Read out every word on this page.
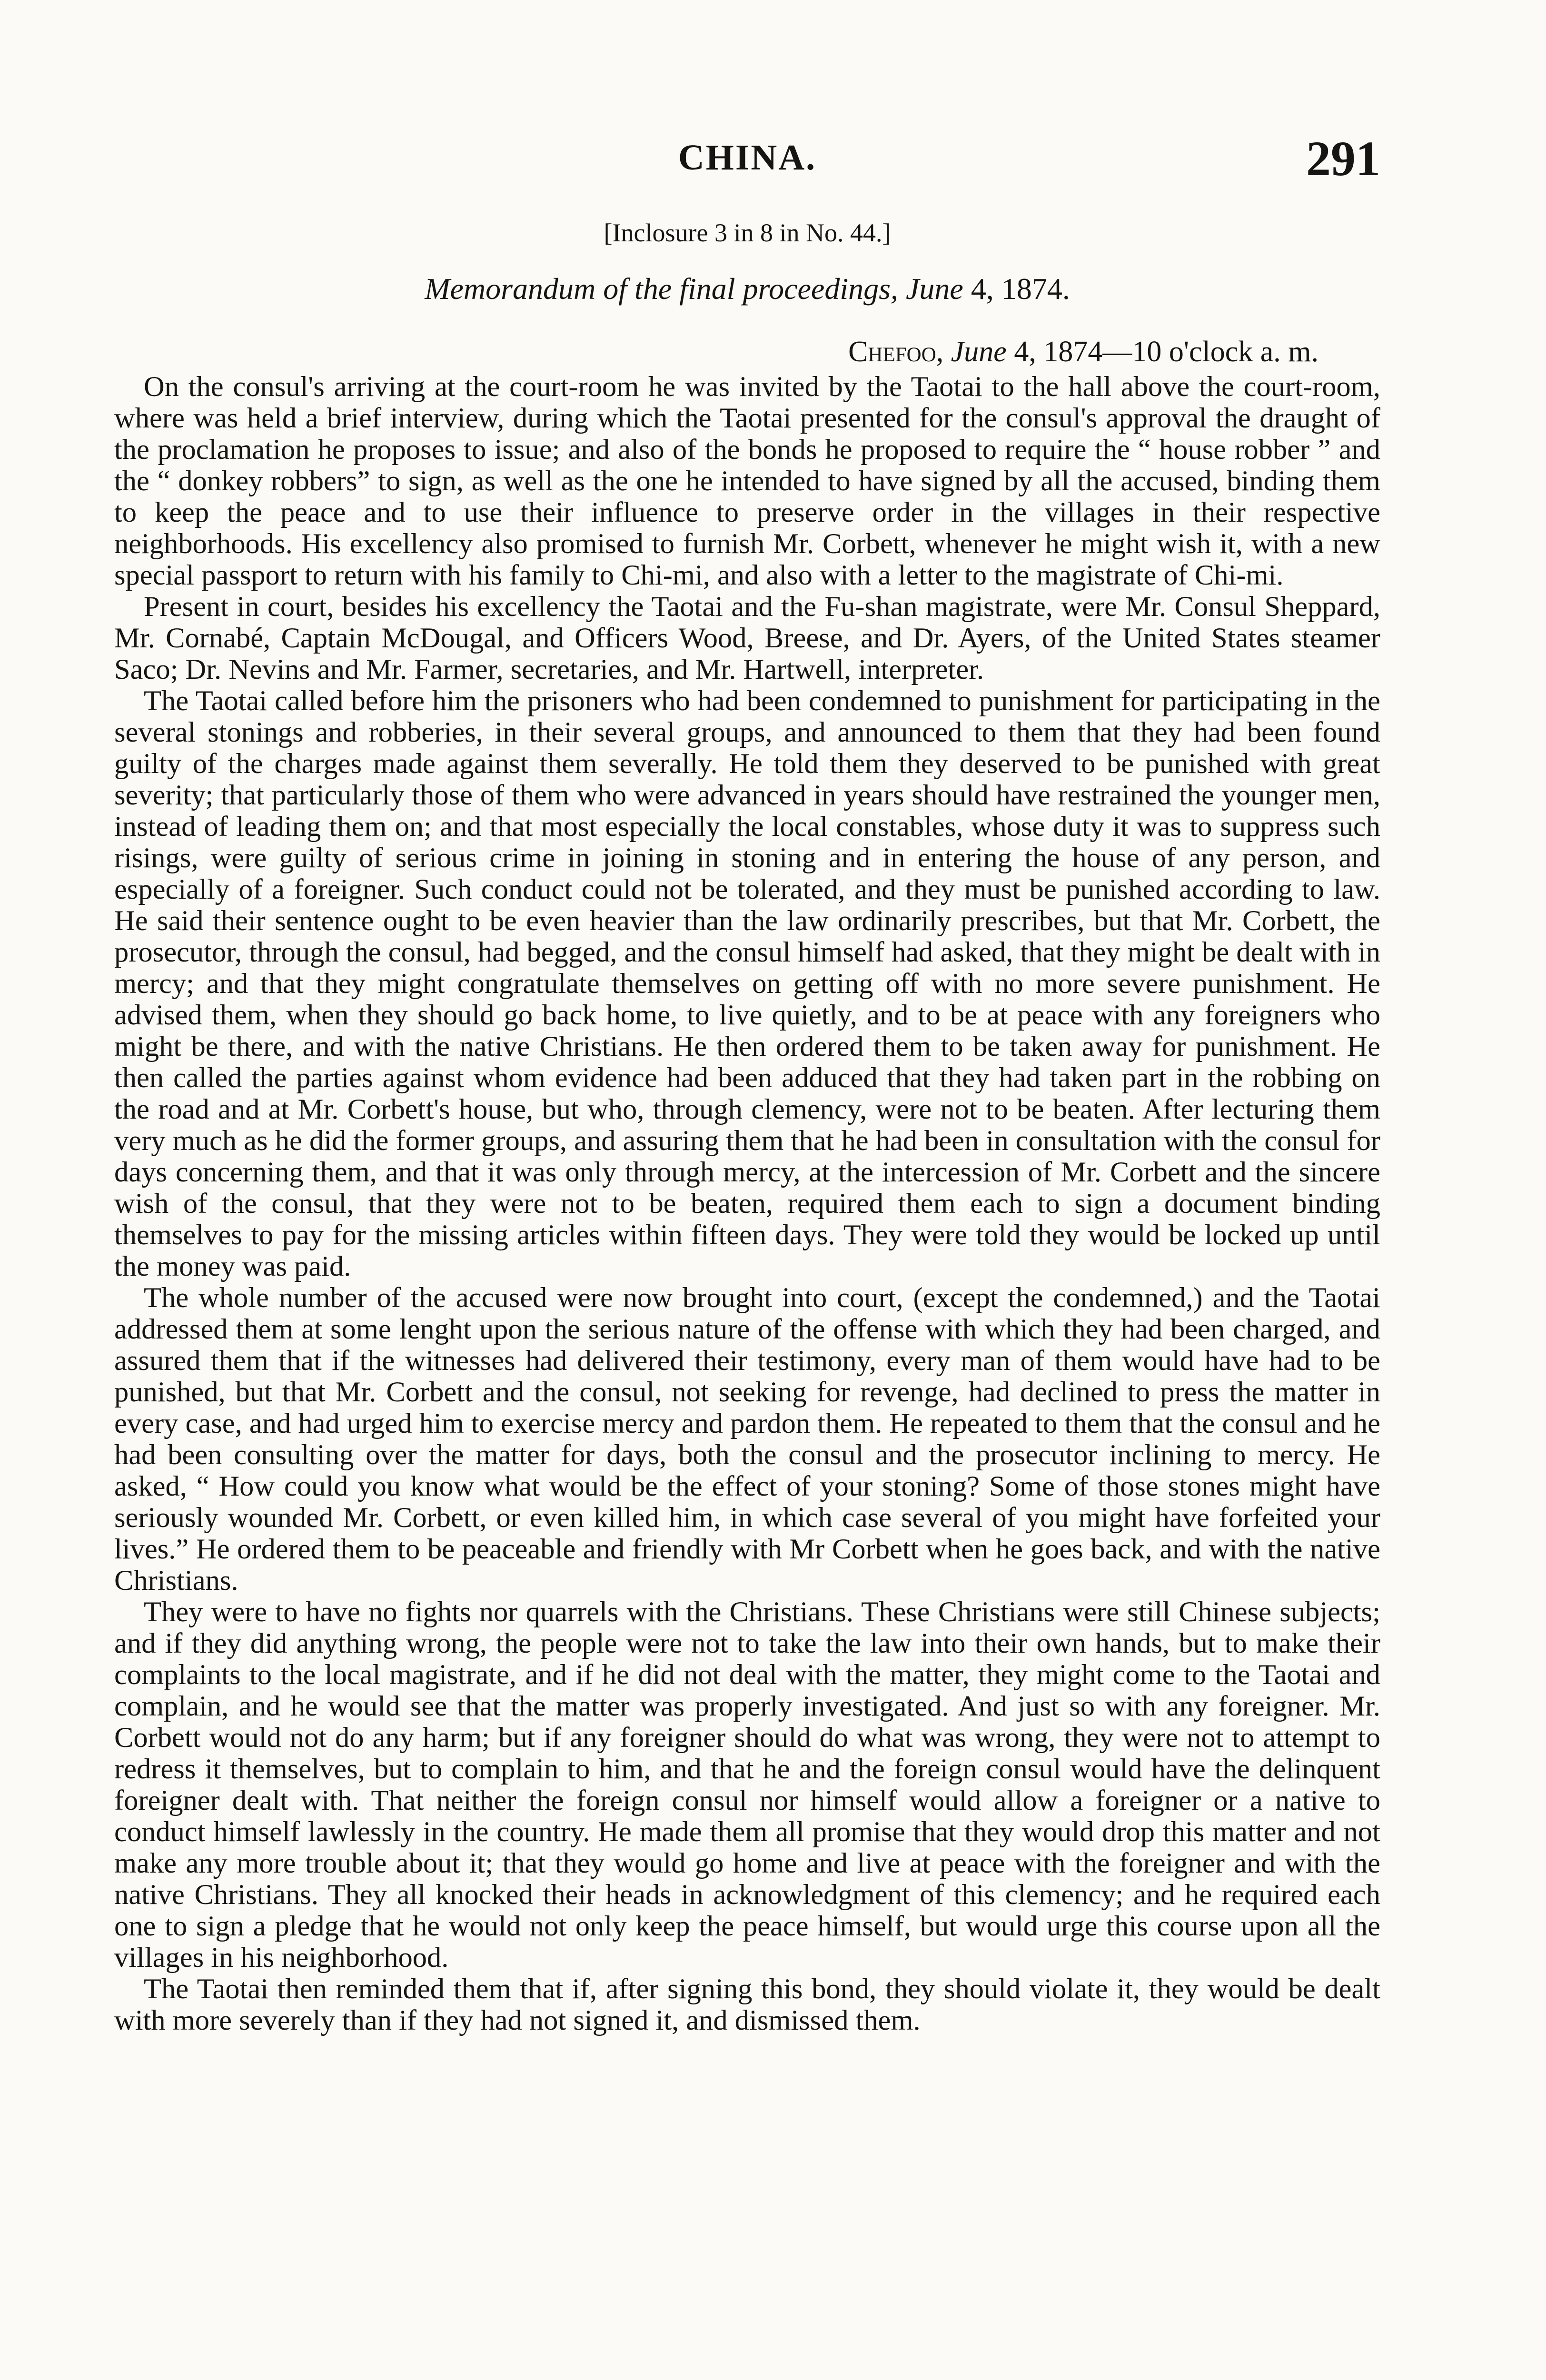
CHINA.	291
[Inclosure 3 in 8 in No. 44.]
Memorandum of the final proceedings, June 4, 1874.
Chefoo, June 4, 1874—10 o'clock a. m.

On the consul's arriving at the court-room he was invited by the Taotai to the hall above the court-room, where was held a brief interview, during which the Taotai presented for the consul's approval the draught of the proclamation he proposes to issue; and also of the bonds he proposed to require the “ house robber ” and the “ donkey robbers” to sign, as well as the one he intended to have signed by all the accused, binding them to keep the peace and to use their influence to preserve order in the villages in their respective neighborhoods. His excellency also promised to furnish Mr. Corbett, whenever he might wish it, with a new special passport to return with his family to Chi-mi, and also with a letter to the magistrate of Chi-mi.

Present in court, besides his excellency the Taotai and the Fu-shan magistrate, were Mr. Consul Sheppard, Mr. Cornabé, Captain McDougal, and Officers Wood, Breese, and Dr. Ayers, of the United States steamer Saco; Dr. Nevins and Mr. Farmer, secretaries, and Mr. Hartwell, interpreter.

The Taotai called before him the prisoners who had been condemned to punishment for participating in the several stonings and robberies, in their several groups, and announced to them that they had been found guilty of the charges made against them severally. He told them they deserved to be punished with great severity; that particularly those of them who were advanced in years should have restrained the younger men, instead of leading them on; and that most especially the local constables, whose duty it was to suppress such risings, were guilty of serious crime in joining in stoning and in entering the house of any person, and especially of a foreigner. Such conduct could not be tolerated, and they must be punished according to law. He said their sentence ought to be even heavier than the law ordinarily prescribes, but that Mr. Corbett, the prosecutor, through the consul, had begged, and the consul himself had asked, that they might be dealt with in mercy; and that they might congratulate themselves on getting off with no more severe punishment. He advised them, when they should go back home, to live quietly, and to be at peace with any foreigners who might be there, and with the native Christians. He then ordered them to be taken away for punishment. He then called the parties against whom evidence had been adduced that they had taken part in the robbing on the road and at Mr. Corbett's house, but who, through clemency, were not to be beaten. After lecturing them very much as he did the former groups, and assuring them that he had been in consultation with the consul for days concerning them, and that it was only through mercy, at the intercession of Mr. Corbett and the sincere wish of the consul, that they were not to be beaten, required them each to sign a document binding themselves to pay for the missing articles within fifteen days. They were told they would be locked up until the money was paid.

The whole number of the accused were now brought into court, (except the condemned,) and the Taotai addressed them at some lenght upon the serious nature of the offense with which they had been charged, and assured them that if the witnesses had delivered their testimony, every man of them would have had to be punished, but that Mr. Corbett and the consul, not seeking for revenge, had declined to press the matter in every case, and had urged him to exercise mercy and pardon them. He repeated to them that the consul and he had been consulting over the matter for days, both the consul and the prosecutor inclining to mercy. He asked, “ How could you know what would be the effect of your stoning? Some of those stones might have seriously wounded Mr. Corbett, or even killed him, in which case several of you might have forfeited your lives.” He ordered them to be peaceable and friendly with Mr Corbett when he goes back, and with the native Christians.

They were to have no fights nor quarrels with the Christians. These Christians were still Chinese subjects; and if they did anything wrong, the people were not to take the law into their own hands, but to make their complaints to the local magistrate, and if he did not deal with the matter, they might come to the Taotai and complain, and he would see that the matter was properly investigated. And just so with any foreigner. Mr. Corbett would not do any harm; but if any foreigner should do what was wrong, they were not to attempt to redress it themselves, but to complain to him, and that he and the foreign consul would have the delinquent foreigner dealt with. That neither the foreign consul nor himself would allow a foreigner or a native to conduct himself lawlessly in the country. He made them all promise that they would drop this matter and not make any more trouble about it; that they would go home and live at peace with the foreigner and with the native Christians. They all knocked their heads in acknowledgment of this clemency; and he required each one to sign a pledge that he would not only keep the peace himself, but would urge this course upon all the villages in his neighborhood.

The Taotai then reminded them that if, after signing this bond, they should violate it, they would be dealt with more severely than if they had not signed it, and dismissed them.
